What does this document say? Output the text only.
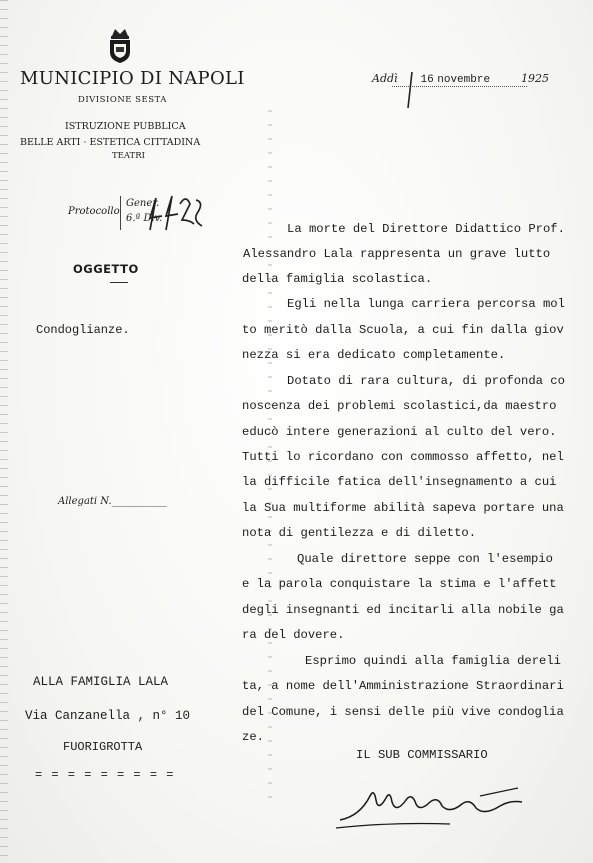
MUNICIPIO DI NAPOLI
DIVISIONE SESTA
ISTRUZIONE PUBBLICA
BELLE ARTI · ESTETICA CITTADINA
TEATRI
Addì 16 novembre	1925
Protocollo
Gener.
6.ª Div.
OGGETTO
Condoglianze.
Allegati N.___________
ALLA FAMIGLIA LALA
Via Canzanella , n° 10
FUORIGROTTA
= = = = = = = = =
La morte del Direttore Didattico Prof.
Alessandro Lala rappresenta un grave lutto
della famiglia scolastica.
Egli nella lunga carriera percorsa mol
to meritò dalla Scuola, a cui fin dalla giov
nezza si era dedicato completamente.
Dotato di rara cultura, di profonda co
noscenza dei problemi scolastici,da maestro
educò intere generazioni al culto del vero.
Tutti lo ricordano con commosso affetto, nel
la difficile fatica dell'insegnamento a cui
la Sua multiforme abilità sapeva portare una
nota di gentilezza e di diletto.
Quale direttore seppe con l'esempio
e la parola conquistare la stima e l'affett
degli insegnanti ed incitarli alla nobile ga
ra del dovere.
Esprimo quindi alla famiglia dereli
ta, a nome dell'Amministrazione Straordinari
del Comune, i sensi delle più vive condoglia
ze.
IL SUB COMMISSARIO
